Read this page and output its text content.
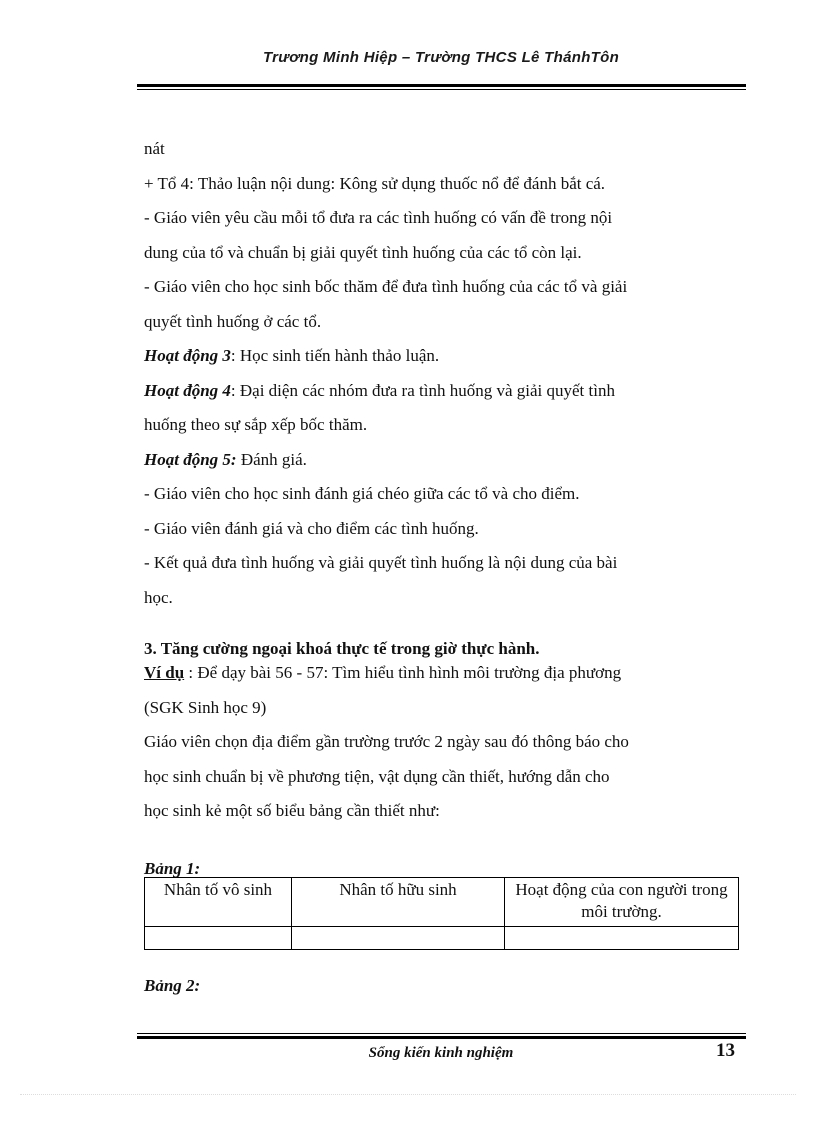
Trương Minh Hiệp – Trường THCS Lê ThánhTôn

nát

+ Tổ 4: Thảo luận nội dung: Kông sử dụng thuốc nổ để đánh bắt cá.

- Giáo viên yêu cầu mỗi tổ đưa ra các tình huống có vấn đề trong nội

dung của tổ và chuẩn bị giải quyết tình huống của các tổ còn lại.

- Giáo viên cho học sinh bốc thăm để đưa tình huống của các tổ và giải

quyết tình huống ở các tổ.

Hoạt động 3: Học sinh tiến hành thảo luận.

Hoạt động 4: Đại diện các nhóm đưa ra tình huống và giải quyết tình

huống theo sự sắp xếp bốc thăm.

Hoạt động 5: Đánh giá.

- Giáo viên cho học sinh đánh giá chéo giữa các tổ và cho điểm.

- Giáo viên đánh giá và cho điểm các tình huống.

- Kết quả đưa tình huống và giải quyết tình huống là nội dung của bài

học.

3. Tăng cường ngoại khoá thực tế trong giờ thực hành.

Ví dụ : Để dạy bài 56 - 57: Tìm hiểu tình hình môi trường địa phương

(SGK Sinh học 9)

Giáo viên chọn địa điểm gần trường trước 2 ngày sau đó thông báo cho

học sinh chuẩn bị về phương tiện, vật dụng cần thiết, hướng dẫn cho

học sinh kẻ một số biểu bảng cần thiết như:

Bảng 1:
Nhân tố vô sinh	Nhân tố hữu sinh	Hoạt động của con người trong môi trường.

Bảng 2:
Sổng kiến kinh nghiệm	13
